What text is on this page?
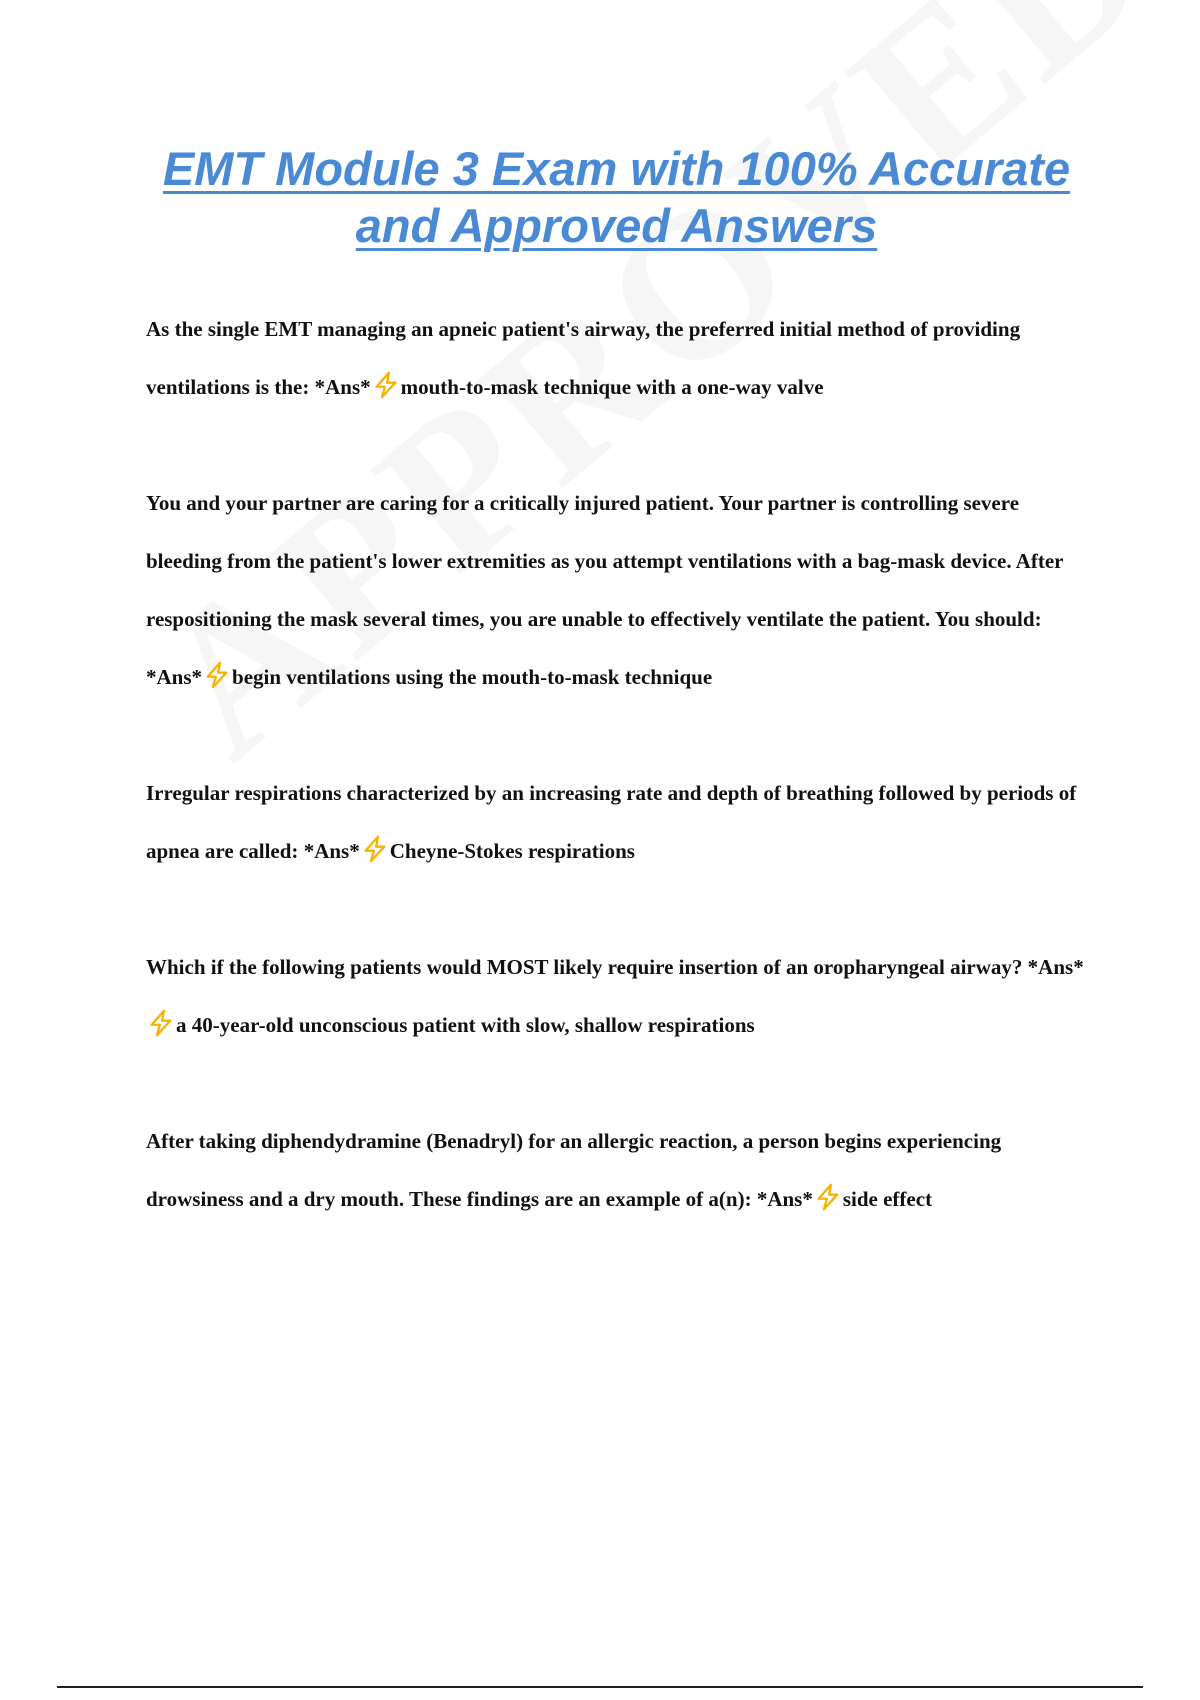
EMT Module 3 Exam with 100% Accurate
and Approved Answers

As the single EMT managing an apneic patient's airway, the preferred initial method of providing ventilations is the: *Ans* mouth-to-mask technique with a one-way valve

You and your partner are caring for a critically injured patient. Your partner is controlling severe bleeding from the patient's lower extremities as you attempt ventilations with a bag-mask device. After respositioning the mask several times, you are unable to effectively ventilate the patient. You should: *Ans* begin ventilations using the mouth-to-mask technique

Irregular respirations characterized by an increasing rate and depth of breathing followed by periods of apnea are called: *Ans* Cheyne-Stokes respirations

Which if the following patients would MOST likely require insertion of an oropharyngeal airway? *Ans*a 40-year-old unconscious patient with slow, shallow respirations

After taking diphendydramine (Benadryl) for an allergic reaction, a person begins experiencing drowsiness and a dry mouth. These findings are an example of a(n): *Ans* side effect
